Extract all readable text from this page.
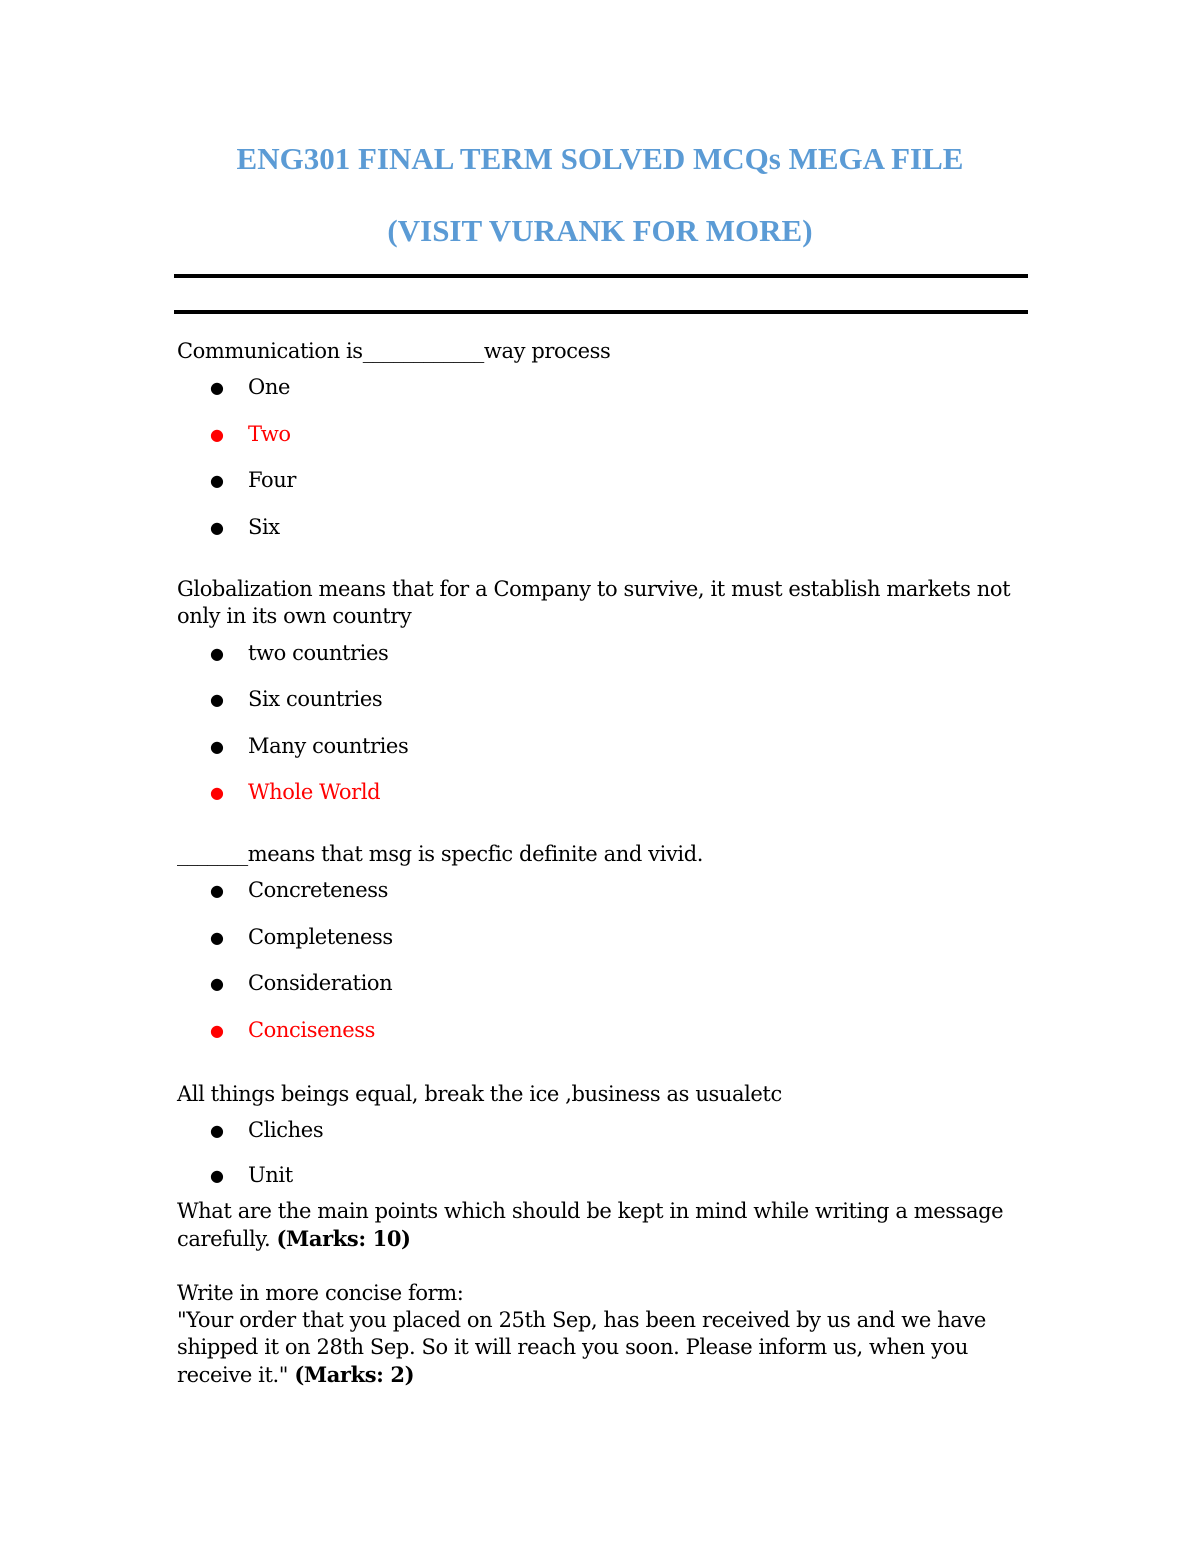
ENG301 FINAL TERM SOLVED MCQs MEGA FILE
(VISIT VURANK FOR MORE)

Communication is____________way process

● One
● Two
● Four
● Six

Globalization means that for a Company to survive, it must establish markets not only in its own country

● two countries
● Six countries
● Many countries
● Whole World

_______means that msg is specfic definite and vivid.

● Concreteness
● Completeness
● Consideration
● Conciseness

All things beings equal, break the ice ,business as usualetc

● Cliches
● Unit

What are the main points which should be kept in mind while writing a message carefully. (Marks: 10)

Write in more concise form:
"Your order that you placed on 25th Sep, has been received by us and we have shipped it on 28th Sep. So it will reach you soon. Please inform us, when you receive it." (Marks: 2)
